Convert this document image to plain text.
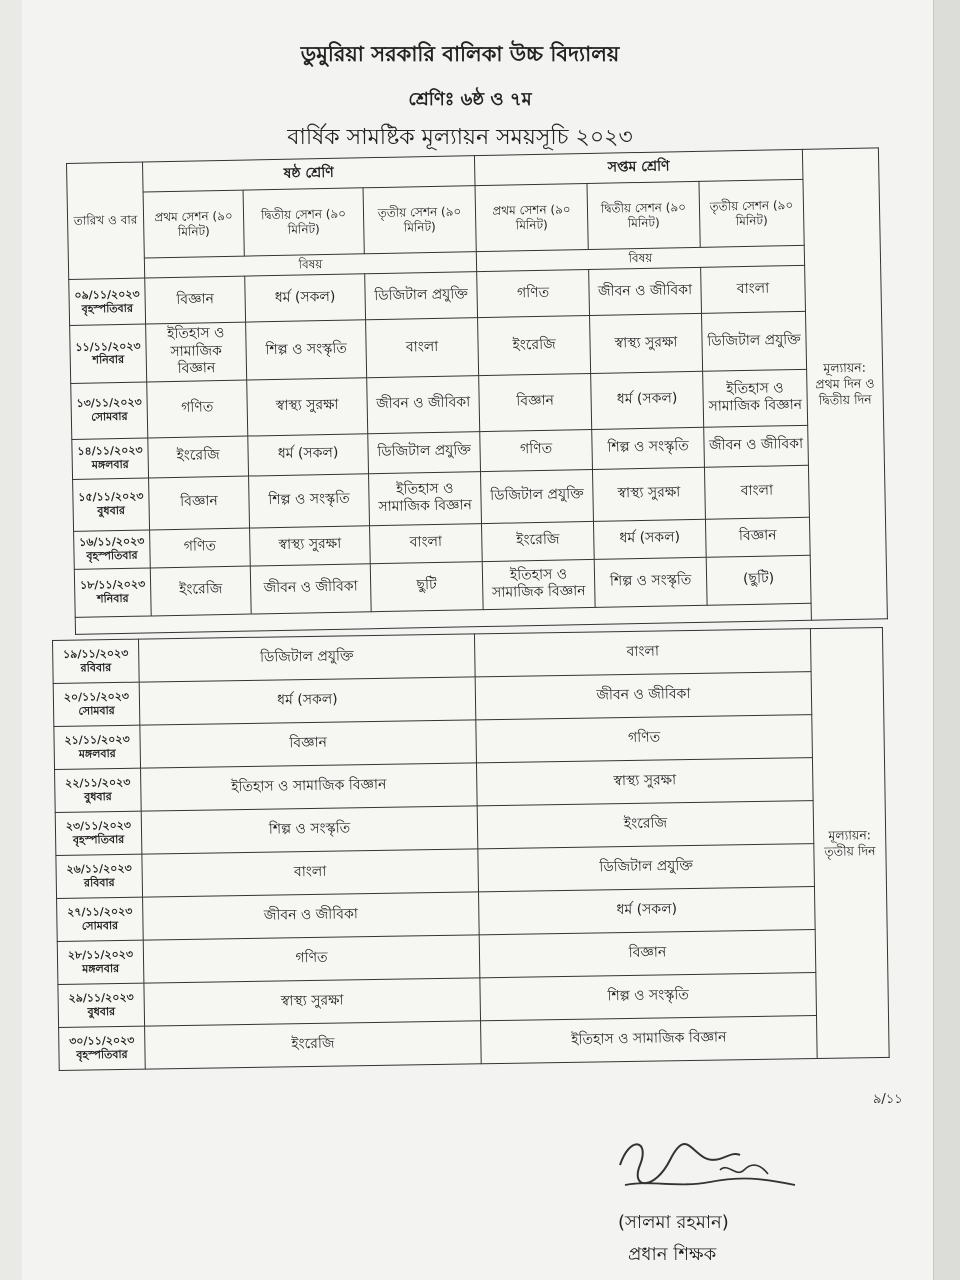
ডুমুরিয়া সরকারি বালিকা উচ্চ বিদ্যালয়
শ্রেণিঃ ৬ষ্ঠ ও ৭ম
বার্ষিক সামষ্টিক মূল্যায়ন সময়সূচি ২০২৩
তারিখ ও বার	ষষ্ঠ শ্রেণি			সপ্তম শ্রেণি			মূল্যায়ন: প্রথম দিন ও দ্বিতীয় দিন
	প্রথম সেশন (৯০ মিনিট)	দ্বিতীয় সেশন (৯০ মিনিট)	তৃতীয় সেশন (৯০ মিনিট)	প্রথম সেশন (৯০ মিনিট)	দ্বিতীয় সেশন (৯০ মিনিট)	তৃতীয় সেশন (৯০ মিনিট)	
	বিষয়			বিষয়			

০৯/১১/২০২৩
বৃহস্পতিবার	বিজ্ঞান	ধর্ম (সকল)	ডিজিটাল প্রযুক্তি	গণিত	জীবন ও জীবিকা	বাংলা	

১১/১১/২০২৩
শনিবার	ইতিহাস ও সামাজিক বিজ্ঞান	শিল্প ও সংস্কৃতি	বাংলা	ইংরেজি	স্বাস্থ্য সুরক্ষা	ডিজিটাল প্রযুক্তি	

১৩/১১/২০২৩
সোমবার	গণিত	স্বাস্থ্য সুরক্ষা	জীবন ও জীবিকা	বিজ্ঞান	ধর্ম (সকল)	ইতিহাস ও সামাজিক বিজ্ঞান	

১৪/১১/২০২৩
মঙ্গলবার	ইংরেজি	ধর্ম (সকল)	ডিজিটাল প্রযুক্তি	গণিত	শিল্প ও সংস্কৃতি	জীবন ও জীবিকা	

১৫/১১/২০২৩
বুধবার	বিজ্ঞান	শিল্প ও সংস্কৃতি	ইতিহাস ও সামাজিক বিজ্ঞান	ডিজিটাল প্রযুক্তি	স্বাস্থ্য সুরক্ষা	বাংলা	

১৬/১১/২০২৩
বৃহস্পতিবার	গণিত	স্বাস্থ্য সুরক্ষা	বাংলা	ইংরেজি	ধর্ম (সকল)	বিজ্ঞান	

১৮/১১/২০২৩
শনিবার	ইংরেজি	জীবন ও জীবিকা	ছুটি	ইতিহাস ও সামাজিক বিজ্ঞান	শিল্প ও সংস্কৃতি	(ছুটি)	

১৯/১১/২০২৩
রবিবার	ডিজিটাল প্রযুক্তি	বাংলা	মূল্যায়ন: তৃতীয় দিন

২০/১১/২০২৩
সোমবার	ধর্ম (সকল)	জীবন ও জীবিকা	

২১/১১/২০২৩
মঙ্গলবার	বিজ্ঞান	গণিত	

২২/১১/২০২৩
বুধবার	ইতিহাস ও সামাজিক বিজ্ঞান	স্বাস্থ্য সুরক্ষা	

২৩/১১/২০২৩
বৃহস্পতিবার	শিল্প ও সংস্কৃতি	ইংরেজি	

২৬/১১/২০২৩
রবিবার	বাংলা	ডিজিটাল প্রযুক্তি	

২৭/১১/২০২৩
সোমবার	জীবন ও জীবিকা	ধর্ম (সকল)	

২৮/১১/২০২৩
মঙ্গলবার	গণিত	বিজ্ঞান	

২৯/১১/২০২৩
বুধবার	স্বাস্থ্য সুরক্ষা	শিল্প ও সংস্কৃতি	

৩০/১১/২০২৩
বৃহস্পতিবার	ইংরেজি	ইতিহাস ও সামাজিক বিজ্ঞান	
৯/১১
(সালমা রহমান)
প্রধান শিক্ষক
